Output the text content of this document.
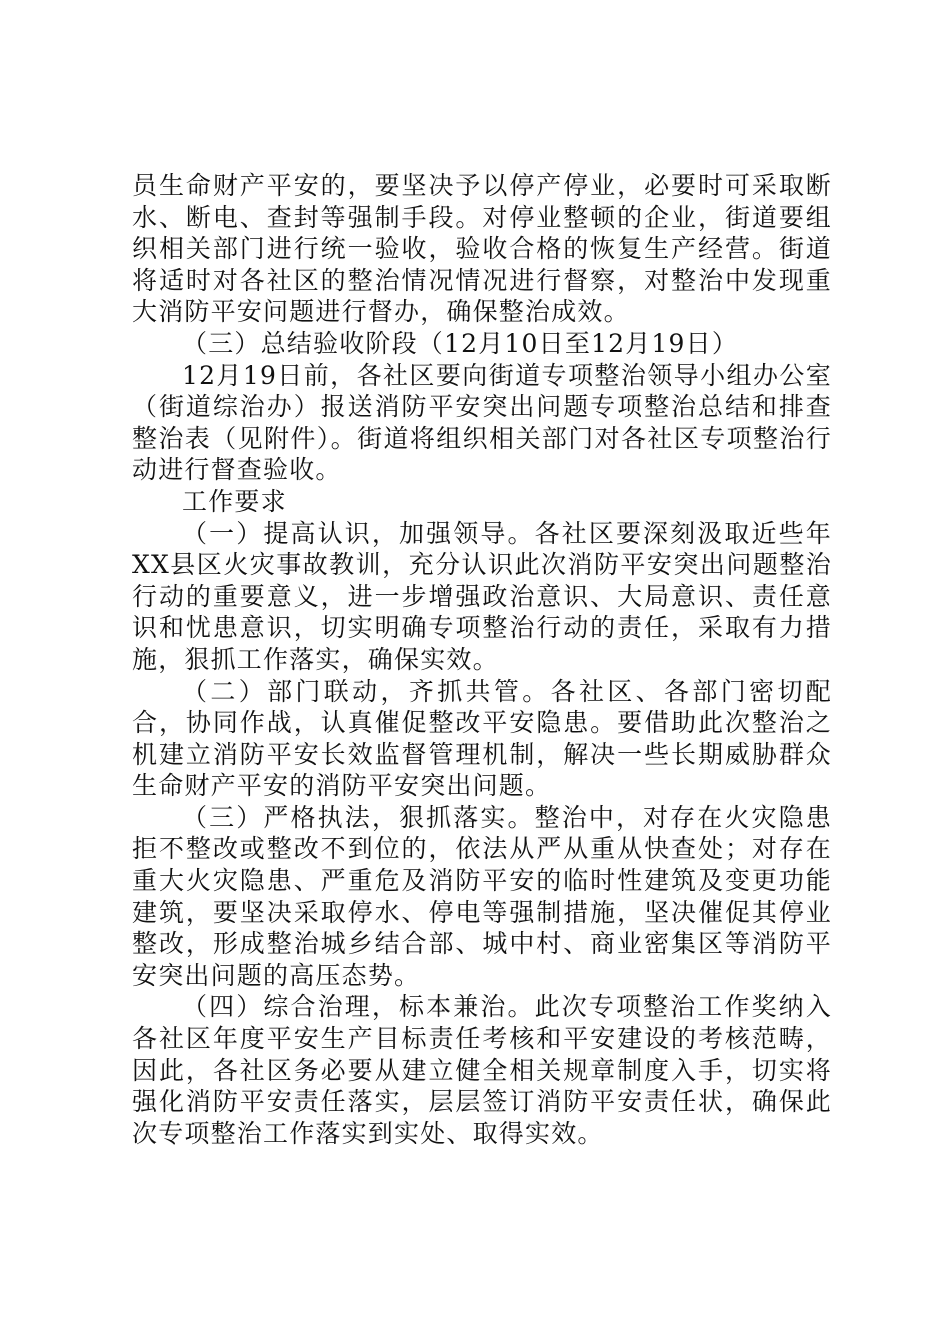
员生命财产平安的，要坚决予以停产停业，必要时可采取断水、断电、查封等强制手段。对停业整顿的企业，街道要组织相关部门进行统一验收，验收合格的恢复生产经营。街道将适时对各社区的整治情况情况进行督察，对整治中发现重大消防平安问题进行督办，确保整治成效。

（三）总结验收阶段（12月10日至12月19日）

12月19日前，各社区要向街道专项整治领导小组办公室（街道综治办）报送消防平安突出问题专项整治总结和排查整治表（见附件）。街道将组织相关部门对各社区专项整治行动进行督查验收。

工作要求

（一）提高认识，加强领导。各社区要深刻汲取近些年XX县区火灾事故教训，充分认识此次消防平安突出问题整治行动的重要意义，进一步增强政治意识、大局意识、责任意识和忧患意识，切实明确专项整治行动的责任，采取有力措施，狠抓工作落实，确保实效。

（二）部门联动，齐抓共管。各社区、各部门密切配合，协同作战，认真催促整改平安隐患。要借助此次整治之机建立消防平安长效监督管理机制，解决一些长期威胁群众生命财产平安的消防平安突出问题。

（三）严格执法，狠抓落实。整治中，对存在火灾隐患拒不整改或整改不到位的，依法从严从重从快查处；对存在重大火灾隐患、严重危及消防平安的临时性建筑及变更功能建筑，要坚决采取停水、停电等强制措施，坚决催促其停业整改，形成整治城乡结合部、城中村、商业密集区等消防平安突出问题的高压态势。

（四）综合治理，标本兼治。此次专项整治工作奖纳入各社区年度平安生产目标责任考核和平安建设的考核范畴，因此，各社区务必要从建立健全相关规章制度入手，切实将强化消防平安责任落实，层层签订消防平安责任状，确保此次专项整治工作落实到实处、取得实效。
